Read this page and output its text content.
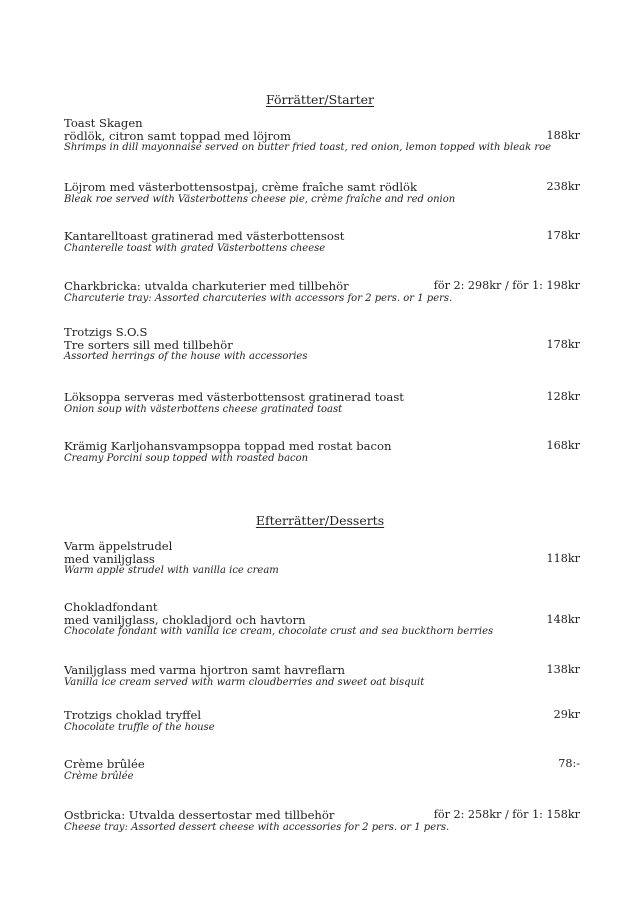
Förrätter/Starter
Toast Skagen
rödlök, citron samt toppad med löjrom
Shrimps in dill mayonnaise served on butter fried toast, red onion, lemon topped with bleak roe
188kr
Löjrom med västerbottensostpaj, crème fraîche samt rödlök
Bleak roe served with Västerbottens cheese pie, crème fraîche and red onion
238kr
Kantarelltoast gratinerad med västerbottensost
Chanterelle toast with grated Västerbottens cheese
178kr
Charkbricka: utvalda charkuterier med tillbehör
Charcuterie tray: Assorted charcuteries with accessors for 2 pers. or 1 pers.
för 2: 298kr / för 1: 198kr
Trotzigs S.O.S
Tre sorters sill med tillbehör
Assorted herrings of the house with accessories
178kr
Löksoppa serveras med västerbottensost gratinerad toast
Onion soup with västerbottens cheese gratinated toast
128kr
Krämig Karljohansvampsoppa toppad med rostat bacon
Creamy Porcini soup topped with roasted bacon
168kr
Efterrätter/Desserts
Varm äppelstrudel
med vaniljglass
Warm apple strudel with vanilla ice cream
118kr
Chokladfondant
med vaniljglass, chokladjord och havtorn
Chocolate fondant with vanilla ice cream, chocolate crust and sea buckthorn berries
148kr
Vaniljglass med varma hjortron samt havreflarn
Vanilla ice cream served with warm cloudberries and sweet oat bisquit
138kr
Trotzigs choklad tryffel
Chocolate truffle of the house
29kr
Crème brûlée
Crème brûlée
78:-
Ostbricka: Utvalda dessertostar med tillbehör
Cheese tray: Assorted dessert cheese with accessories for 2 pers. or 1 pers.
för 2: 258kr / för 1: 158kr
